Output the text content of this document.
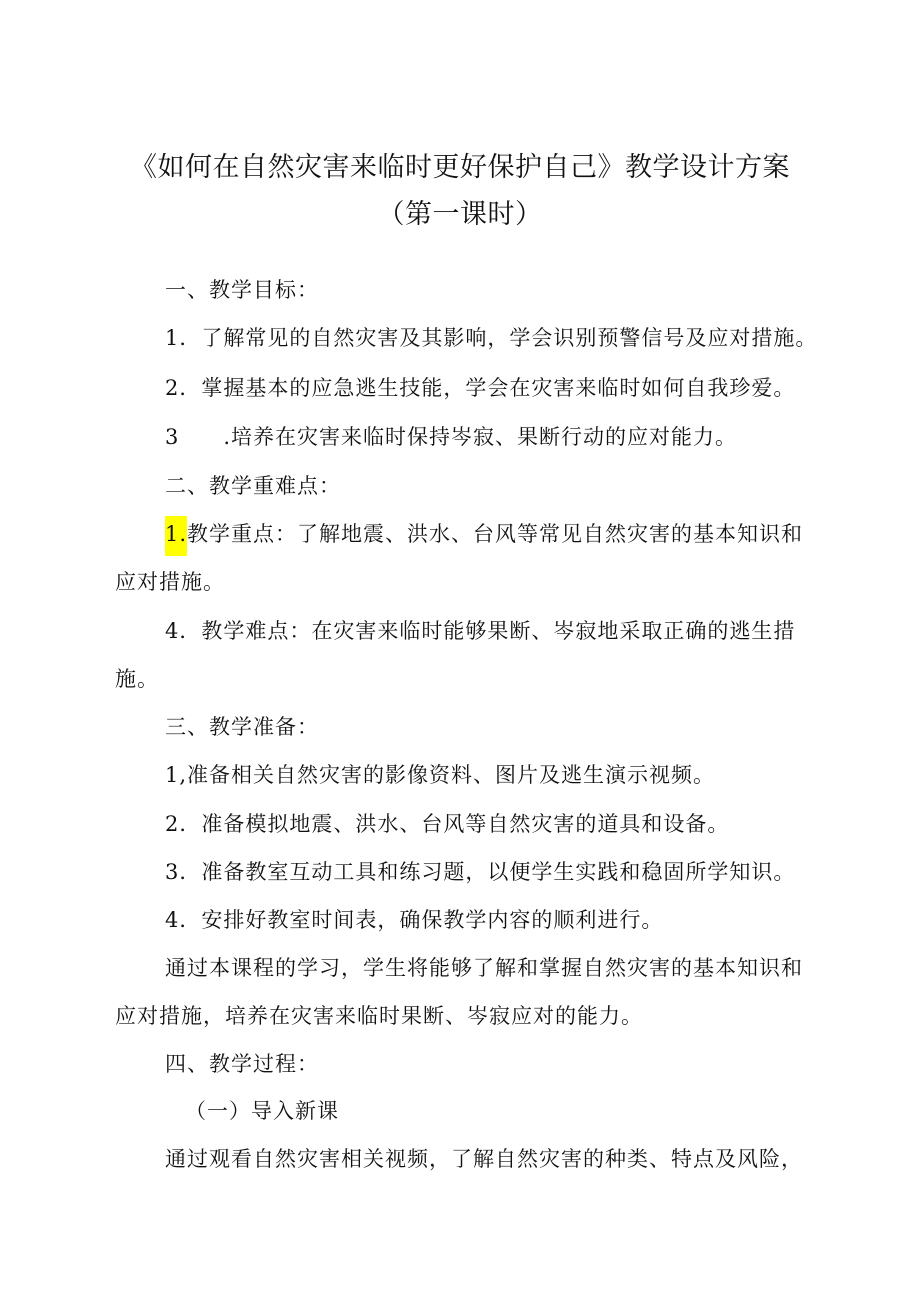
《如何在自然灾害来临时更好保护自己》教学设计方案
（第一课时）
一、教学目标：
1．了解常见的自然灾害及其影响，学会识别预警信号及应对措施。
2．掌握基本的应急逃生技能，学会在灾害来临时如何自我珍爱。
3 .培养在灾害来临时保持岑寂、果断行动的应对能力。
二、教学重难点：
1.教学重点：了解地震、洪水、台风等常见自然灾害的基本知识和
应对措施。
4．教学难点：在灾害来临时能够果断、岑寂地采取正确的逃生措
施。
三、教学准备：
1,准备相关自然灾害的影像资料、图片及逃生演示视频。
2．准备模拟地震、洪水、台风等自然灾害的道具和设备。
3．准备教室互动工具和练习题，以便学生实践和稳固所学知识。
4．安排好教室时间表，确保教学内容的顺利进行。
通过本课程的学习，学生将能够了解和掌握自然灾害的基本知识和
应对措施，培养在灾害来临时果断、岑寂应对的能力。
四、教学过程：
（一）导入新课
通过观看自然灾害相关视频，了解自然灾害的种类、特点及风险，
